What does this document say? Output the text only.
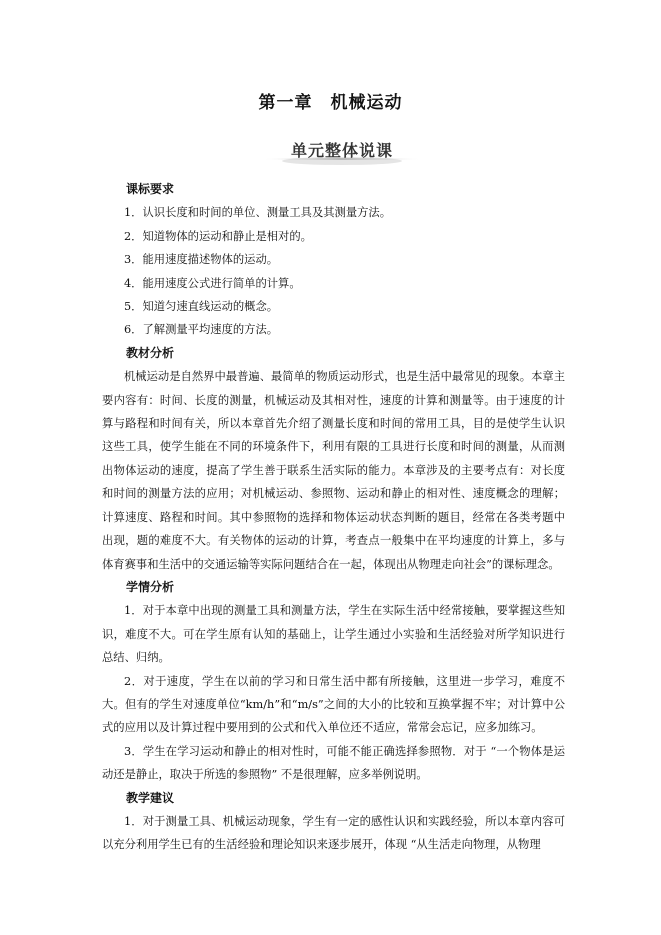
第一章　机械运动
单元整体说课
课标要求
1．认识长度和时间的单位、测量工具及其测量方法。
2．知道物体的运动和静止是相对的。
3．能用速度描述物体的运动。
4．能用速度公式进行简单的计算。
5．知道匀速直线运动的概念。
6．了解测量平均速度的方法。
教材分析
机械运动是自然界中最普遍、最简单的物质运动形式，也是生活中最常见的现象。本章主要内容有：时间、长度的测量，机械运动及其相对性，速度的计算和测量等。由于速度的计算与路程和时间有关，所以本章首先介绍了测量长度和时间的常用工具，目的是使学生认识这些工具，使学生能在不同的环境条件下，利用有限的工具进行长度和时间的测量，从而测出物体运动的速度，提高了学生善于联系生活实际的能力。本章涉及的主要考点有：对长度和时间的测量方法的应用；对机械运动、参照物、运动和静止的相对性、速度概念的理解；计算速度、路程和时间。其中参照物的选择和物体运动状态判断的题目，经常在各类考题中出现，题的难度不大。有关物体的运动的计算，考查点一般集中在平均速度的计算上，多与体育赛事和生活中的交通运输等实际问题结合在一起，体现出从物理走向社会”的课标理念。
学情分析
1．对于本章中出现的测量工具和测量方法，学生在实际生活中经常接触，要掌握这些知识，难度不大。可在学生原有认知的基础上，让学生通过小实验和生活经验对所学知识进行总结、归纳。
2．对于速度，学生在以前的学习和日常生活中都有所接触，这里进一步学习，难度不大。但有的学生对速度单位“km/h”和“m/s”之间的大小的比较和互换掌握不牢；对计算中公式的应用以及计算过程中要用到的公式和代入单位还不适应，常常会忘记，应多加练习。
3．学生在学习运动和静止的相对性时，可能不能正确选择参照物．对于 “一个物体是运动还是静止，取决于所选的参照物” 不是很理解，应多举例说明。
教学建议
1．对于测量工具、机械运动现象，学生有一定的感性认识和实践经验，所以本章内容可以充分利用学生已有的生活经验和理论知识来逐步展开，体现 “从生活走向物理，从物理
